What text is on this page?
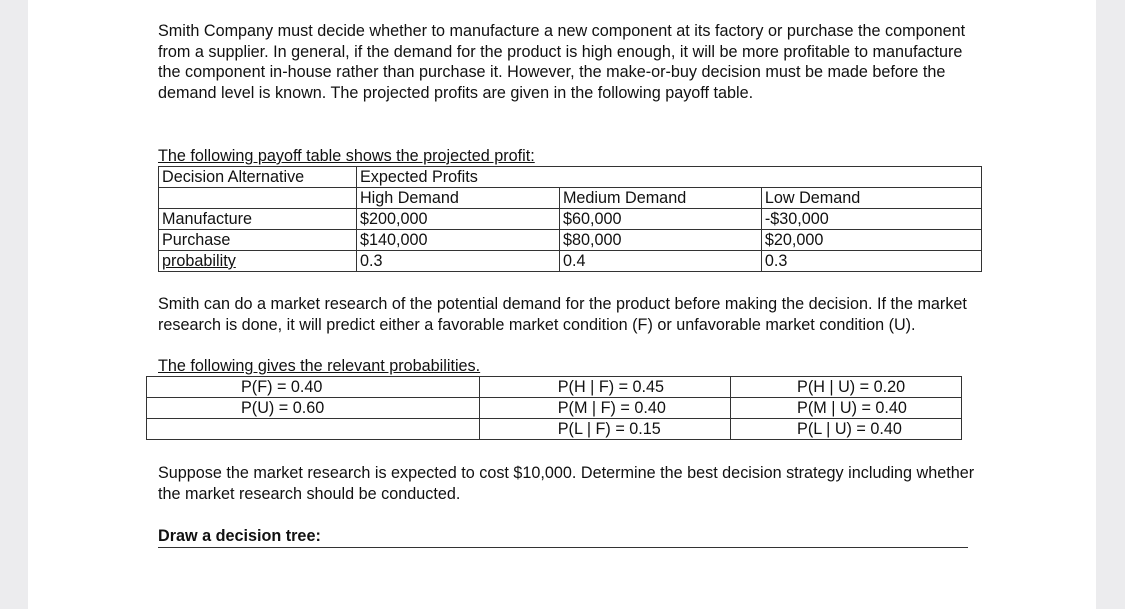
Smith Company must decide whether to manufacture a new component at its factory or purchase the component from a supplier. In general, if the demand for the product is high enough, it will be more profitable to manufacture the component in-house rather than purchase it. However, the make-or-buy decision must be made before the demand level is known. The projected profits are given in the following payoff table.

The following payoff table shows the projected profit:
Decision Alternative	Expected Profits		
	High Demand	Medium Demand	Low Demand
Manufacture	$200,000	$60,000	-$30,000
Purchase	$140,000	$80,000	$20,000
probability	0.3	0.4	0.3

Smith can do a market research of the potential demand for the product before making the decision. If the market research is done, it will predict either a favorable market condition (F) or unfavorable market condition (U).

The following gives the relevant probabilities.
P(F) = 0.40	P(H | F) = 0.45	P(H | U) = 0.20
P(U) = 0.60	P(M | F) = 0.40	P(M | U) = 0.40
	P(L | F) = 0.15	P(L | U) = 0.40

Suppose the market research is expected to cost $10,000. Determine the best decision strategy including whether the market research should be conducted.

Draw a decision tree:
